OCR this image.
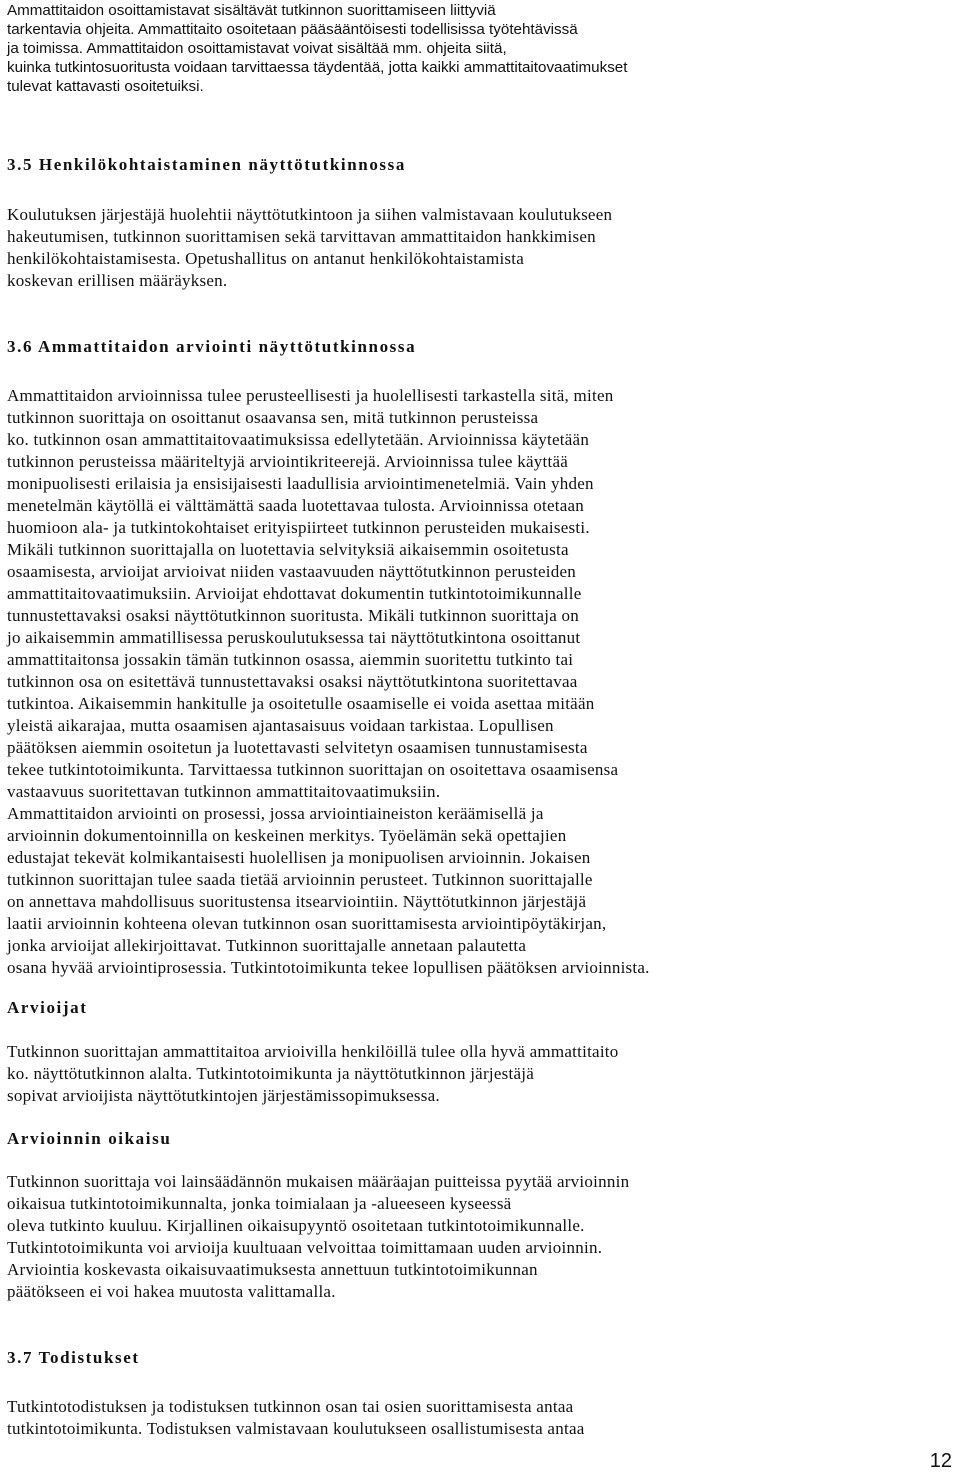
Ammattitaidon osoittamistavat sisältävät tutkinnon suorittamiseen liittyviä
tarkentavia ohjeita. Ammattitaito osoitetaan pääsääntöisesti todellisissa työtehtävissä
ja toimissa. Ammattitaidon osoittamistavat voivat sisältää mm. ohjeita siitä,
kuinka tutkintosuoritusta voidaan tarvittaessa täydentää, jotta kaikki ammattitaitovaatimukset
tulevat kattavasti osoitetuiksi.
3.5 Henkilökohtaistaminen näyttötutkinnossa
Koulutuksen järjestäjä huolehtii näyttötutkintoon ja siihen valmistavaan koulutukseen
hakeutumisen, tutkinnon suorittamisen sekä tarvittavan ammattitaidon hankkimisen
henkilökohtaistamisesta. Opetushallitus on antanut henkilökohtaistamista
koskevan erillisen määräyksen.
3.6 Ammattitaidon arviointi näyttötutkinnossa
Ammattitaidon arvioinnissa tulee perusteellisesti ja huolellisesti tarkastella sitä, miten
tutkinnon suorittaja on osoittanut osaavansa sen, mitä tutkinnon perusteissa
ko. tutkinnon osan ammattitaitovaatimuksissa edellytetään. Arvioinnissa käytetään
tutkinnon perusteissa määriteltyjä arviointikriteerejä. Arvioinnissa tulee käyttää
monipuolisesti erilaisia ja ensisijaisesti laadullisia arviointimenetelmiä. Vain yhden
menetelmän käytöllä ei välttämättä saada luotettavaa tulosta. Arvioinnissa otetaan
huomioon ala- ja tutkintokohtaiset erityispiirteet tutkinnon perusteiden mukaisesti.
Mikäli tutkinnon suorittajalla on luotettavia selvityksiä aikaisemmin osoitetusta
osaamisesta, arvioijat arvioivat niiden vastaavuuden näyttötutkinnon perusteiden
ammattitaitovaatimuksiin. Arvioijat ehdottavat dokumentin tutkintotoimikunnalle
tunnustettavaksi osaksi näyttötutkinnon suoritusta. Mikäli tutkinnon suorittaja on
jo aikaisemmin ammatillisessa peruskoulutuksessa tai näyttötutkintona osoittanut
ammattitaitonsa jossakin tämän tutkinnon osassa, aiemmin suoritettu tutkinto tai
tutkinnon osa on esitettävä tunnustettavaksi osaksi näyttötutkintona suoritettavaa
tutkintoa. Aikaisemmin hankitulle ja osoitetulle osaamiselle ei voida asettaa mitään
yleistä aikarajaa, mutta osaamisen ajantasaisuus voidaan tarkistaa. Lopullisen
päätöksen aiemmin osoitetun ja luotettavasti selvitetyn osaamisen tunnustamisesta
tekee tutkintotoimikunta. Tarvittaessa tutkinnon suorittajan on osoitettava osaamisensa
vastaavuus suoritettavan tutkinnon ammattitaitovaatimuksiin.
Ammattitaidon arviointi on prosessi, jossa arviointiaineiston keräämisellä ja
arvioinnin dokumentoinnilla on keskeinen merkitys. Työelämän sekä opettajien
edustajat tekevät kolmikantaisesti huolellisen ja monipuolisen arvioinnin. Jokaisen
tutkinnon suorittajan tulee saada tietää arvioinnin perusteet. Tutkinnon suorittajalle
on annettava mahdollisuus suoritustensa itsearviointiin. Näyttötutkinnon järjestäjä
laatii arvioinnin kohteena olevan tutkinnon osan suorittamisesta arviointipöytäkirjan,
jonka arvioijat allekirjoittavat. Tutkinnon suorittajalle annetaan palautetta
osana hyvää arviointiprosessia. Tutkintotoimikunta tekee lopullisen päätöksen arvioinnista.
Arvioijat
Tutkinnon suorittajan ammattitaitoa arvioivilla henkilöillä tulee olla hyvä ammattitaito
ko. näyttötutkinnon alalta. Tutkintotoimikunta ja näyttötutkinnon järjestäjä
sopivat arvioijista näyttötutkintojen järjestämissopimuksessa.
Arvioinnin oikaisu
Tutkinnon suorittaja voi lainsäädännön mukaisen määräajan puitteissa pyytää arvioinnin
oikaisua tutkintotoimikunnalta, jonka toimialaan ja -alueeseen kyseessä
oleva tutkinto kuuluu. Kirjallinen oikaisupyyntö osoitetaan tutkintotoimikunnalle.
Tutkintotoimikunta voi arvioija kuultuaan velvoittaa toimittamaan uuden arvioinnin.
Arviointia koskevasta oikaisuvaatimuksesta annettuun tutkintotoimikunnan
päätökseen ei voi hakea muutosta valittamalla.
3.7 Todistukset
Tutkintotodistuksen ja todistuksen tutkinnon osan tai osien suorittamisesta antaa
tutkintotoimikunta. Todistuksen valmistavaan koulutukseen osallistumisesta antaa
12
